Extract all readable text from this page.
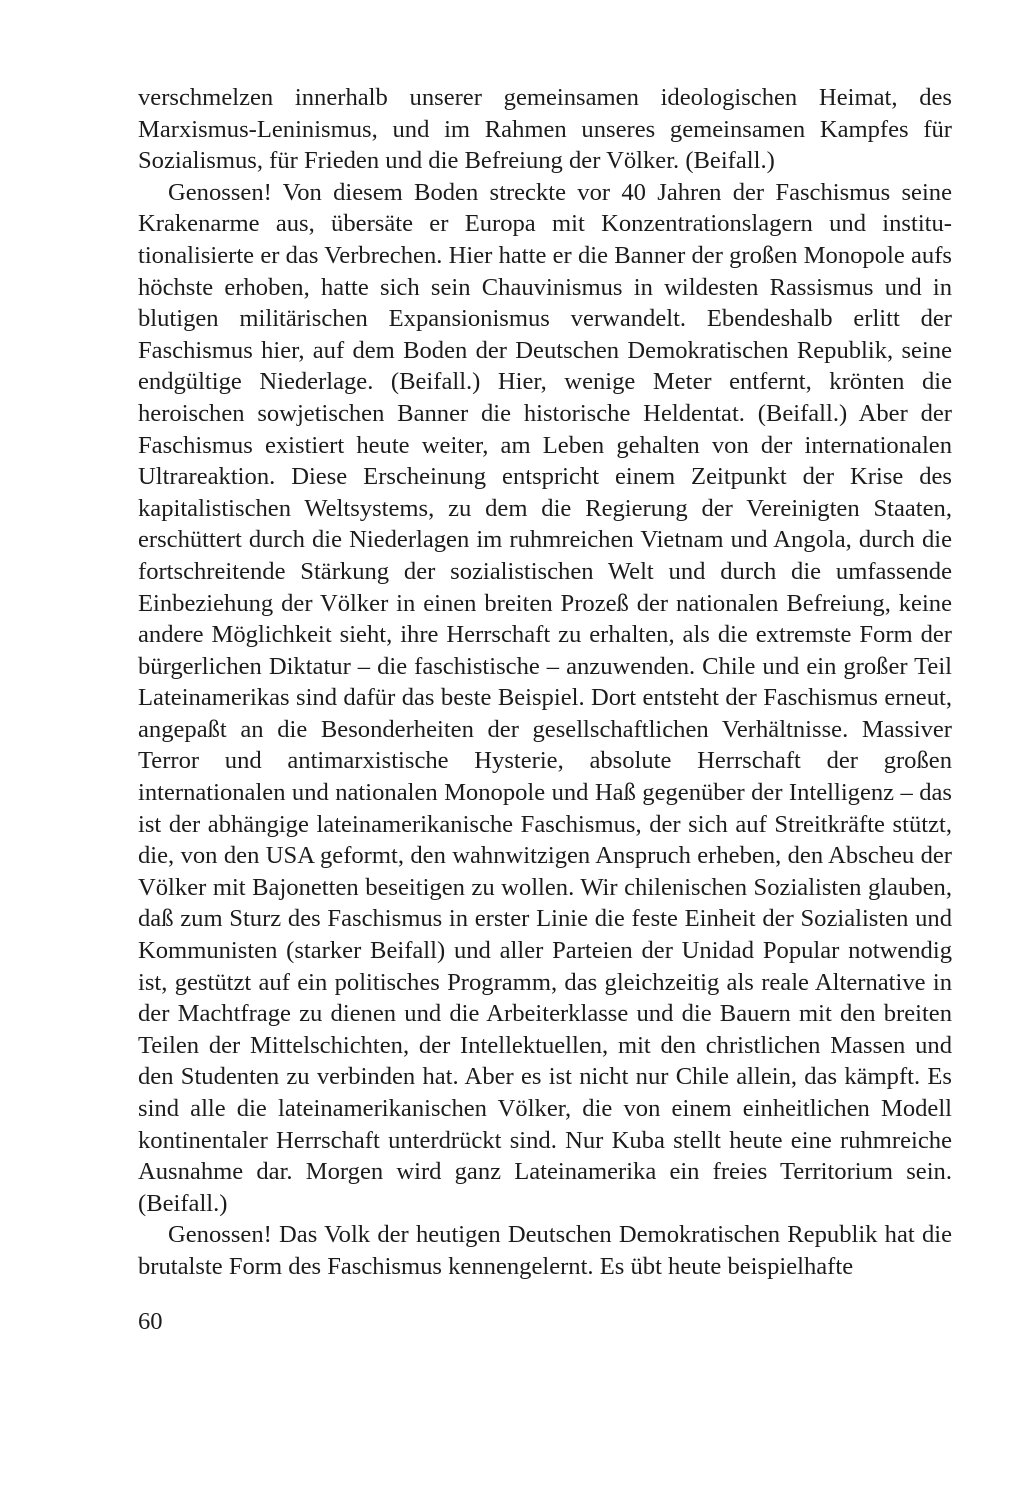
verschmelzen innerhalb unserer gemeinsamen ideologischen Heimat, des Marxismus-Leninismus, und im Rahmen unseres gemeinsamen Kampfes für Sozialismus, für Frieden und die Befreiung der Völker. (Beifall.)

Genossen! Von diesem Boden streckte vor 40 Jahren der Faschismus seine Krakenarme aus, übersäte er Europa mit Konzentrationslagern und institutionalisierte er das Verbrechen. Hier hatte er die Banner der großen Monopole aufs höchste erhoben, hatte sich sein Chauvinismus in wildesten Rassismus und in blutigen militärischen Expansionismus verwandelt. Ebendeshalb erlitt der Faschismus hier, auf dem Boden der Deutschen Demokratischen Republik, seine endgültige Niederlage. (Beifall.) Hier, wenige Meter entfernt, krönten die heroischen sowjetischen Banner die historische Heldentat. (Beifall.) Aber der Faschismus existiert heute weiter, am Leben gehalten von der internationalen Ultrareaktion. Diese Erscheinung entspricht einem Zeitpunkt der Krise des kapitalistischen Weltsystems, zu dem die Regierung der Vereinigten Staaten, erschüttert durch die Niederlagen im ruhmreichen Vietnam und Angola, durch die fortschreitende Stärkung der sozialistischen Welt und durch die umfassende Einbeziehung der Völker in einen breiten Prozeß der nationalen Befreiung, keine andere Möglichkeit sieht, ihre Herrschaft zu erhalten, als die extremste Form der bürgerlichen Diktatur – die faschistische – anzuwenden. Chile und ein großer Teil Lateinamerikas sind dafür das beste Beispiel. Dort entsteht der Faschismus erneut, angepaßt an die Besonderheiten der gesellschaftlichen Verhältnisse. Massiver Terror und antimarxistische Hysterie, absolute Herrschaft der großen internationalen und nationalen Monopole und Haß gegenüber der Intelligenz – das ist der abhängige lateinamerikanische Faschismus, der sich auf Streitkräfte stützt, die, von den USA geformt, den wahnwitzigen Anspruch erheben, den Abscheu der Völker mit Bajonetten beseitigen zu wollen. Wir chilenischen Sozialisten glauben, daß zum Sturz des Faschismus in erster Linie die feste Einheit der Sozialisten und Kommunisten (starker Beifall) und aller Parteien der Unidad Popular notwendig ist, gestützt auf ein politisches Programm, das gleichzeitig als reale Alternative in der Machtfrage zu dienen und die Arbeiterklasse und die Bauern mit den breiten Teilen der Mittelschichten, der Intellektuellen, mit den christlichen Massen und den Studenten zu verbinden hat. Aber es ist nicht nur Chile allein, das kämpft. Es sind alle die lateinamerikanischen Völker, die von einem einheitlichen Modell kontinentaler Herrschaft unterdrückt sind. Nur Kuba stellt heute eine ruhmreiche Ausnahme dar. Morgen wird ganz Lateinamerika ein freies Territorium sein. (Beifall.)

Genossen! Das Volk der heutigen Deutschen Demokratischen Republik hat die brutalste Form des Faschismus kennengelernt. Es übt heute beispielhafte

60
